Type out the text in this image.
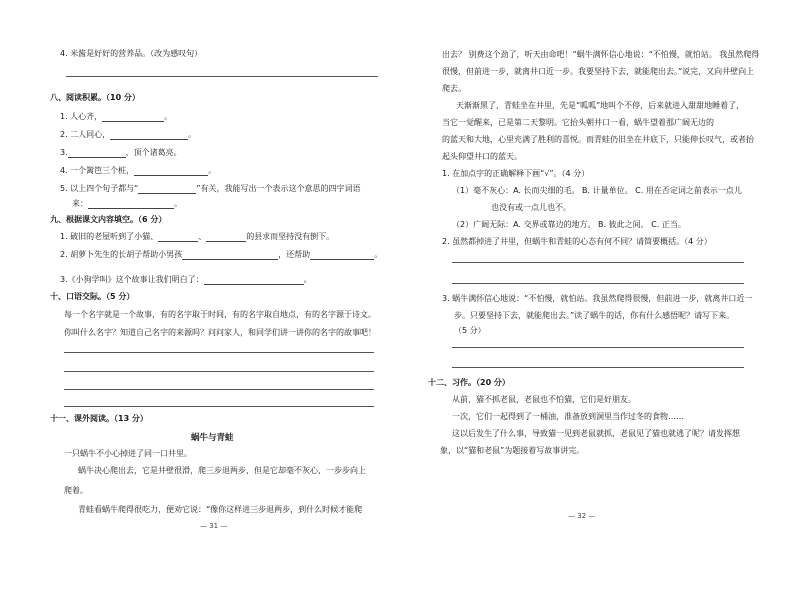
4. 米酱是好好的营养品。（改为感叹句）
八、阅读积累。（10 分）
1. 人心齐，	。
2. 二人同心，	。
3.	，顶个诸葛亮。
4. 一个篱笆三个桩，	。
5. 以上四个句子都与“	”有关，我能写出一个表示这个意思的四字词语
来：	。
九、根据课文内容填空。（6 分）
1. 破旧的老屋听到了小猫、	、	的县求而坚持没有倒下。
2. 胡萝卜先生的长胡子帮助小男孩	，还帮助	。
3.《小狗学叫》这个故事让我们明白了：	。
十、口语交际。（5 分）
每一个名字就是一个故事，有的名字取于时间，有的名字取自地点，有的名字源于诗文。
你叫什么名字？知道自己名字的来源吗？问问家人，和同学们讲一讲你的名字的故事吧！
十一、课外阅读。（13 分）
蜗牛与青蛙
一只蜗牛不小心掉进了同一口井里。
蜗牛决心爬出去，它是井壁很滑，爬三步退两步，但是它却毫不灰心，一步步向上
爬着。
青蛙看蜗牛爬得很吃力，便劝它说：“像你这样进三步退两步，到什么时候才能爬
— 31 —
出去？ 别费这个劲了，听天由命吧！”蜗牛满怀信心地说：“不怕慢，就怕站。 我虽然爬得
很慢，但前进一步，就离井口近一步。我要坚持下去，就能爬出去。”说完，又向井壁向上
爬去。
天渐渐黑了，青蛙坐在井里，先是“呱呱”地叫个不停，后来就进入甜甜地睡着了，
当它一觉醒来，已是第二天黎明。它抬头朝井口一看，蜗牛望着那广阔无边的
的蓝天和大地，心里充满了胜利的喜悦。而青蛙仍旧坐在井底下，只能伸长叹气，或者抬
起头仰望井口的蓝天。
1. 在加点字的正确解释下画“√”。（4 分）
（1）毫不灰心：A. 长而尖细的毛。 B. 计量单位。 C. 用在否定词之前表示一点儿
也没有或一点儿也不。
（2）广阔无际：A. 交界或靠边的地方。 B. 彼此之间。 C. 正当。
2. 虽然都掉进了井里，但蜗牛和青蛙的心态有何不同？请简要概括。（4 分）
3. 蜗牛满怀信心地说：“不怕慢，就怕站。我虽然爬得很慢，但前进一步，就离井口近一
步。只要坚持下去，就能爬出去。”读了蜗牛的话，你有什么感悟呢？请写下来。
（5 分）
十二、习作。（20 分）
从前，猫不抓老鼠，老鼠也不怕猫，它们是好朋友。
一次，它们一起得到了一桶油，准备放到洞里当作过冬的食物……
这以后发生了什么事，导致猫一见到老鼠就抓，老鼠见了猫也就逃了呢？请发挥想
象，以“猫和老鼠”为题接着写故事讲完。
— 32 —
